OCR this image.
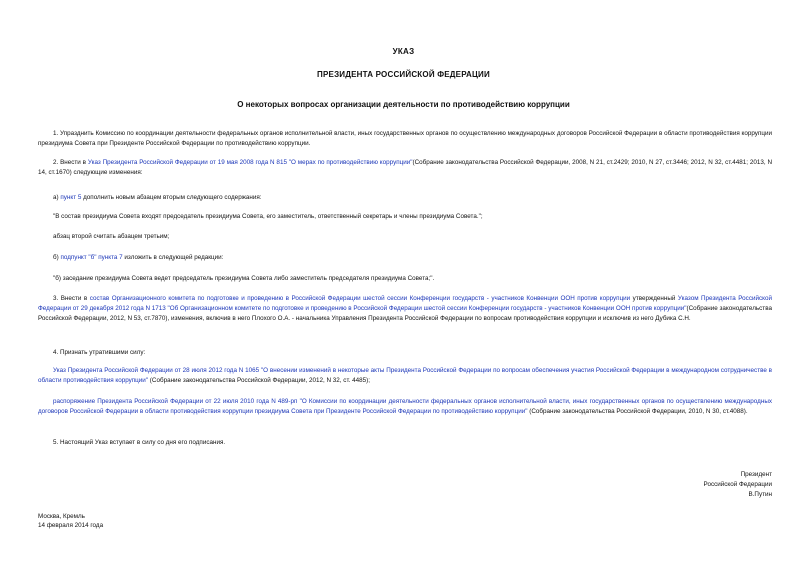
УКАЗ
ПРЕЗИДЕНТА РОССИЙСКОЙ ФЕДЕРАЦИИ
О некоторых вопросах организации деятельности по противодействию коррупции
1. Упразднить Комиссию по координации деятельности федеральных органов исполнительной власти, иных государственных органов по осуществлению международных договоров Российской Федерации в области противодействия коррупции президиума Совета при Президенте Российской Федерации по противодействию коррупции.
2. Внести в Указ Президента Российской Федерации от 19 мая 2008 года N 815 "О мерах по противодействию коррупции"(Собрание законодательства Российской Федерации, 2008, N 21, ст.2429; 2010, N 27, ст.3446; 2012, N 32, ст.4481; 2013, N 14, ст.1670) следующие изменения:
а) пункт 5 дополнить новым абзацем вторым следующего содержания:
"В состав президиума Совета входят председатель президиума Совета, его заместитель, ответственный секретарь и члены президиума Совета.";
абзац второй считать абзацем третьим;
б) подпункт "б" пункта 7 изложить в следующей редакции:
"б) заседание президиума Совета ведет председатель президиума Совета либо заместитель председателя президиума Совета;".
3. Внести в состав Организационного комитета по подготовке и проведению в Российской Федерации шестой сессии Конференции государств - участников Конвенции ООН против коррупции утвержденный Указом Президента Российской Федерации от 29 декабря 2012 года N 1713 "Об Организационном комитете по подготовке и проведению в Российской Федерации шестой сессии Конференции государств - участников Конвенции ООН против коррупции"(Собрание законодательства Российской Федерации, 2012, N 53, ст.7870), изменения, включив в него Плохого О.А. - начальника Управления Президента Российской Федерации по вопросам противодействия коррупции и исключив из него Дубика С.Н.
4. Признать утратившими силу:
Указ Президента Российской Федерации от 28 июля 2012 года N 1065 "О внесении изменений в некоторые акты Президента Российской Федерации по вопросам обеспечения участия Российской Федерации в международном сотрудничестве в области противодействия коррупции" (Собрание законодательства Российской Федерации, 2012, N 32, ст. 4485);
распоряжение Президента Российской Федерации от 22 июля 2010 года N 489-рп "О Комиссии по координации деятельности федеральных органов исполнительной власти, иных государственных органов по осуществлению международных договоров Российской Федерации в области противодействия коррупции президиума Совета при Президенте Российской Федерации по противодействию коррупции" (Собрание законодательства Российской Федерации, 2010, N 30, ст.4088).
5. Настоящий Указ вступает в силу со дня его подписания.
Президент
Российской Федерации
В.Путин
Москва, Кремль
14 февраля 2014 года
